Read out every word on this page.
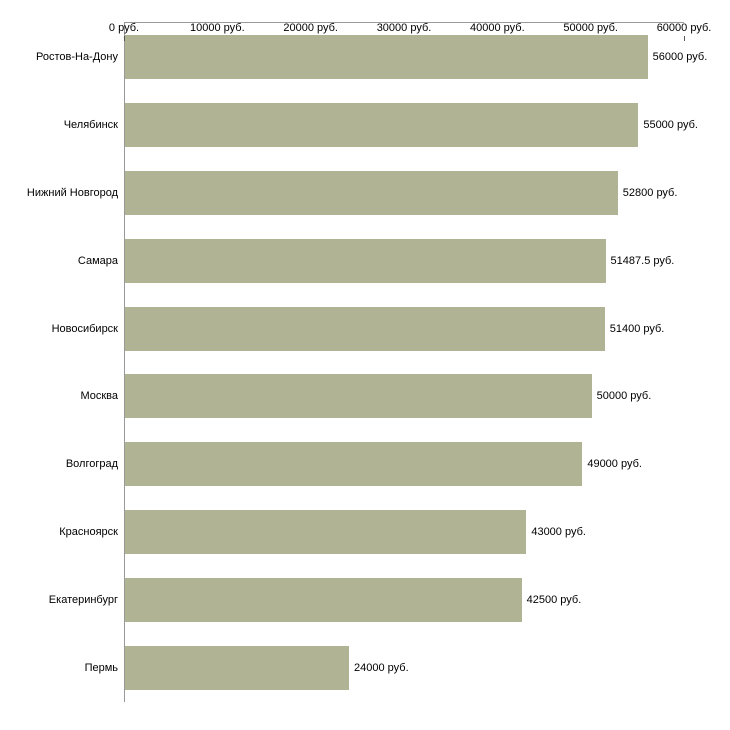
0 руб.	10000 руб.	20000 руб.	30000 руб.	40000 руб.	50000 руб.	60000 руб.
Ростов-На-Дону	56000 руб.
Челябинск	55000 руб.
Нижний Новгород	52800 руб.
Самара	51487.5 руб.
Новосибирск	51400 руб.
Москва	50000 руб.
Волгоград	49000 руб.
Красноярск	43000 руб.
Екатеринбург	42500 руб.
Пермь	24000 руб.
